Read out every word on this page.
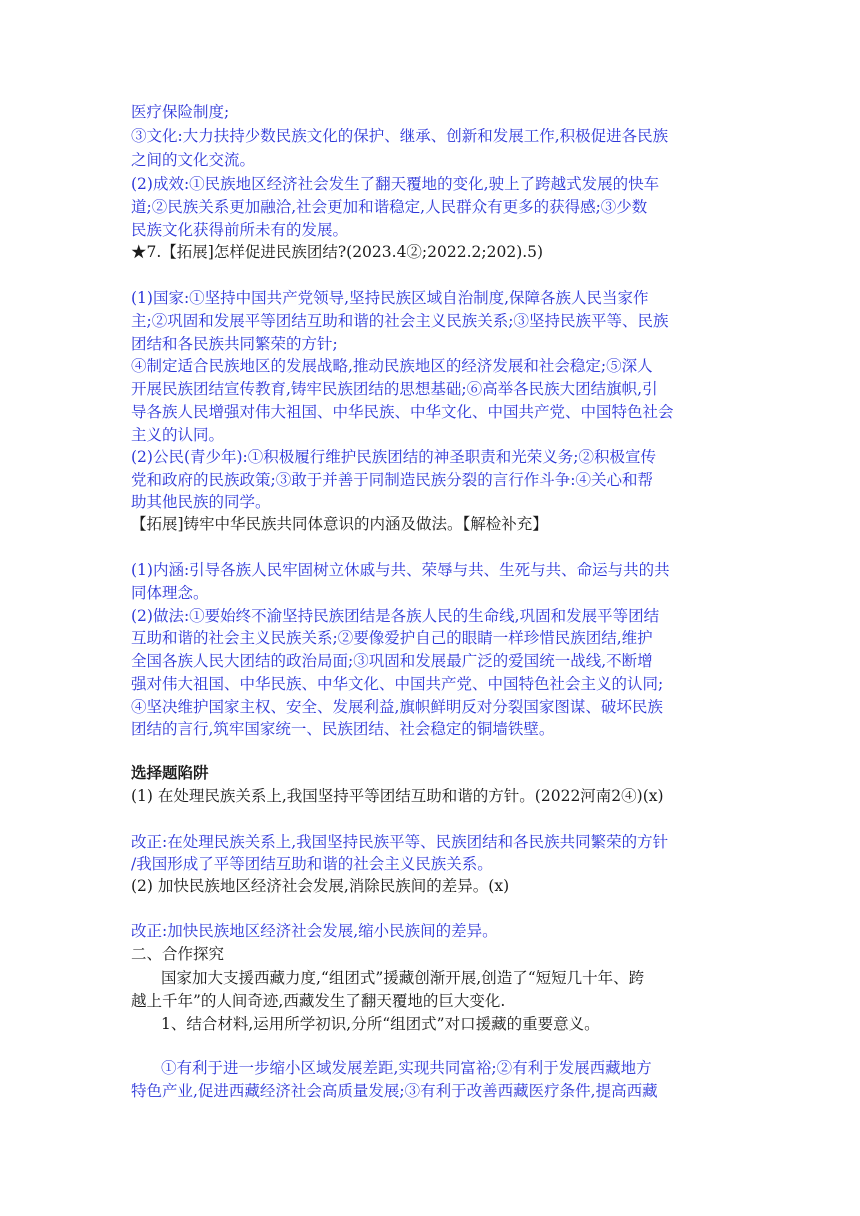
医疗保险制度;
③文化:大力扶持少数民族文化的保护、继承、创新和发展工作,积极促进各民族
之间的文化交流。
(2)成效:①民族地区经济社会发生了翻天覆地的变化,驶上了跨越式发展的快车
道;②民族关系更加融洽,社会更加和谐稳定,人民群众有更多的获得感;③少数
民族文化获得前所未有的发展。
★7.【拓展]怎样促进民族团结?(2023.4②;2022.2;202).5)
(1)国家:①坚持中国共产党领导,坚持民族区域自治制度,保障各族人民当家作
主;②巩固和发展平等团结互助和谐的社会主义民族关系;③坚持民族平等、民族
团结和各民族共同繁荣的方针;
④制定适合民族地区的发展战略,推动民族地区的经济发展和社会稳定;⑤深人
开展民族团结宣传教育,铸牢民族团结的思想基础;⑥高举各民族大团结旗帜,引
导各族人民增强对伟大祖国、中华民族、中华文化、中国共产党、中国特色社会
主义的认同。
(2)公民(青少年):①积极履行维护民族团结的神圣职责和光荣义务;②积极宣传
党和政府的民族政策;③敢于并善于同制造民族分裂的言行作斗争:④关心和帮
助其他民族的同学。
【拓展]铸牢中华民族共同体意识的内涵及做法。【解检补充】
(1)内涵:引导各族人民牢固树立休戚与共、荣辱与共、生死与共、命运与共的共
同体理念。
(2)做法:①要始终不渝坚持民族团结是各族人民的生命线,巩固和发展平等团结
互助和谐的社会主义民族关系;②要像爱护自己的眼睛一样珍惜民族团结,维护
全国各族人民大团结的政治局面;③巩固和发展最广泛的爱国统一战线,不断增
强对伟大祖国、中华民族、中华文化、中国共产党、中国特色社会主义的认同;
④坚决维护国家主权、安全、发展利益,旗帜鲜明反对分裂国家图谋、破坏民族
团结的言行,筑牢国家统一、民族团结、社会稳定的铜墙铁壁。
选择题陷阱
(1) 在处理民族关系上,我国坚持平等团结互助和谐的方针。(2022河南2④)(x)
改正:在处理民族关系上,我国坚持民族平等、民族团结和各民族共同繁荣的方针
/我国形成了平等团结互助和谐的社会主义民族关系。
(2) 加快民族地区经济社会发展,消除民族间的差异。(x)
改正:加快民族地区经济社会发展,缩小民族间的差异。
二、合作探究
国家加大支援西藏力度,“组团式”援藏创渐开展,创造了“短短几十年、跨
越上千年”的人间奇迹,西藏发生了翻天覆地的巨大变化.
1、结合材料,运用所学初识,分所“组团式”对口援藏的重要意义。
①有利于进一步缩小区域发展差距,实现共同富裕;②有利于发展西藏地方
特色产业,促进西藏经济社会高质量发展;③有利于改善西藏医疗条件,提高西藏
